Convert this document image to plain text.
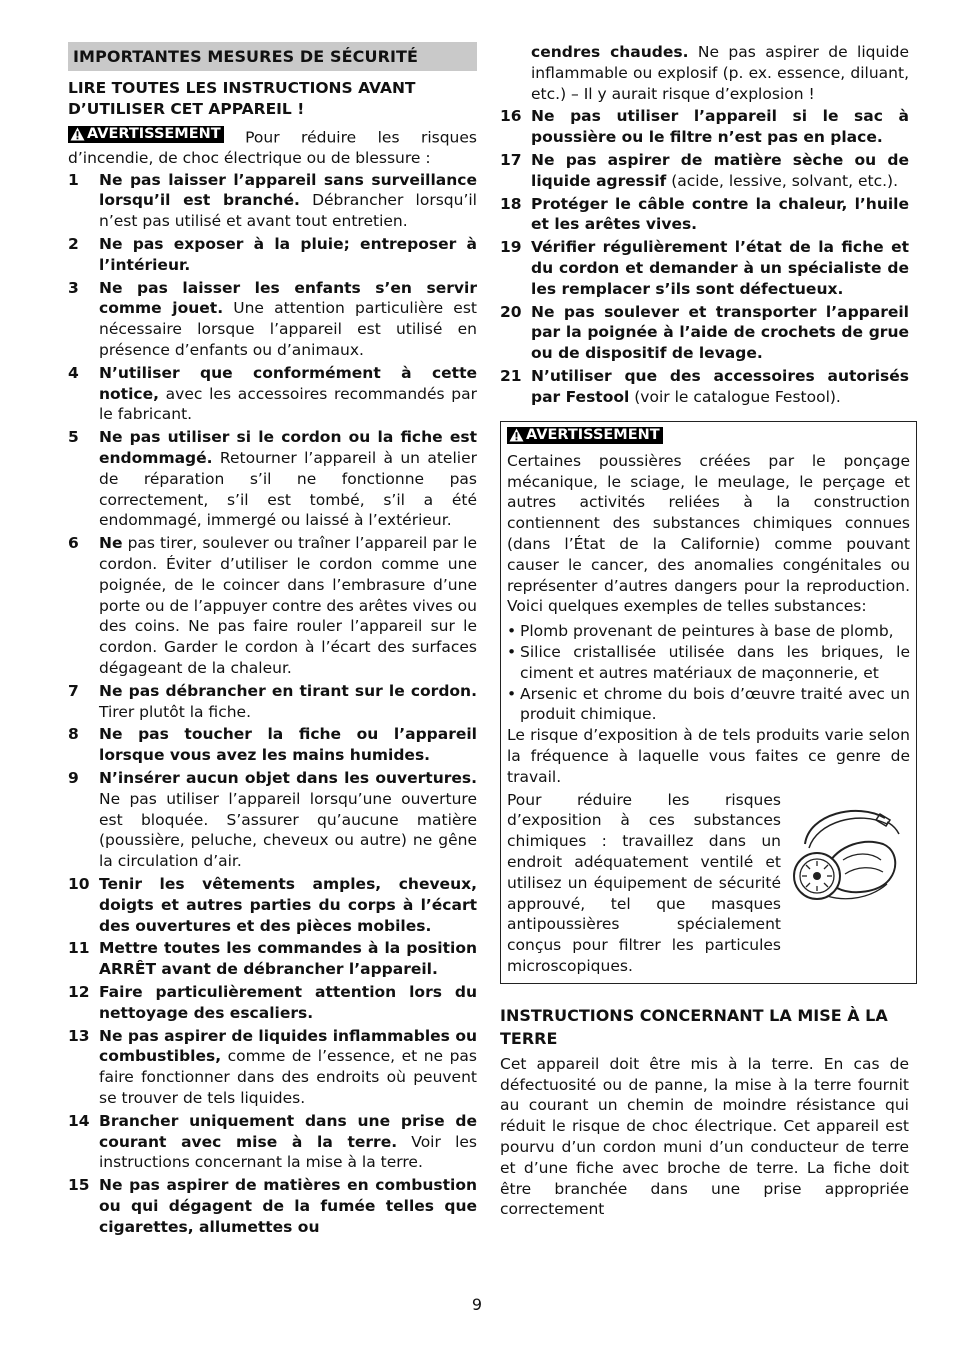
IMPORTANTES MESURES DE SÉCURITÉ
LIRE TOUTES LES INSTRUCTIONS AVANT D’UTILISER CET APPAREIL !
AVERTISSEMENT Pour réduire les risques d’incendie, de choc électrique ou de blessure :
1 Ne pas laisser l’appareil sans surveillance lorsqu’il est branché. Débrancher lorsqu’il n’est pas utilisé et avant tout entretien.
2 Ne pas exposer à la pluie; entreposer à l’intérieur.
3 Ne pas laisser les enfants s’en servir comme jouet. Une attention particulière est nécessaire lorsque l’appareil est utilisé en présence d’enfants ou d’animaux.
4 N’utiliser que conformément à cette notice, avec les accessoires recommandés par le fabricant.
5 Ne pas utiliser si le cordon ou la fiche est endommagé. Retourner l’appareil à un atelier de réparation s’il ne fonctionne pas correctement, s’il est tombé, s’il a été endommagé, immergé ou laissé à l’extérieur.
6 Ne pas tirer, soulever ou traîner l’appareil par le cordon. Éviter d’utiliser le cordon comme une poignée, de le coincer dans l’embrasure d’une porte ou de l’appuyer contre des arêtes vives ou des coins. Ne pas faire rouler l’appareil sur le cordon. Garder le cordon à l’écart des surfaces dégageant de la chaleur.
7 Ne pas débrancher en tirant sur le cordon. Tirer plutôt la fiche.
8 Ne pas toucher la fiche ou l’appareil lorsque vous avez les mains humides.
9 N’insérer aucun objet dans les ouvertures. Ne pas utiliser l’appareil lorsqu’une ouverture est bloquée. S’assurer qu’aucune matière (poussière, peluche, cheveux ou autre) ne gêne la circulation d’air.
10 Tenir les vêtements amples, cheveux, doigts et autres parties du corps à l’écart des ouvertures et des pièces mobiles.
11 Mettre toutes les commandes à la position ARRÊT avant de débrancher l’appareil.
12 Faire particulièrement attention lors du nettoyage des escaliers.
13 Ne pas aspirer de liquides inflammables ou combustibles, comme de l’essence, et ne pas faire fonctionner dans des endroits où peuvent se trouver de tels liquides.
14 Brancher uniquement dans une prise de courant avec mise à la terre. Voir les instructions concernant la mise à la terre.
15 Ne pas aspirer de matières en combustion ou qui dégagent de la fumée telles que cigarettes, allumettes ou
cendres chaudes. Ne pas aspirer de liquide inflammable ou explosif (p. ex. essence, diluant, etc.) – Il y aurait risque d’explosion !
16 Ne pas utiliser l’appareil si le sac à poussière ou le filtre n’est pas en place.
17 Ne pas aspirer de matière sèche ou de liquide agressif (acide, lessive, solvant, etc.).
18 Protéger le câble contre la chaleur, l’huile et les arêtes vives.
19 Vérifier régulièrement l’état de la fiche et du cordon et demander à un spécialiste de les remplacer s’ils sont défectueux.
20 Ne pas soulever et transporter l’appareil par la poignée à l’aide de crochets de grue ou de dispositif de levage.
21 N’utiliser que des accessoires autorisés par Festool (voir le catalogue Festool).
AVERTISSEMENT

Certaines poussières créées par le ponçage mécanique, le sciage, le meulage, le perçage et autres activités reliées à la construction contiennent des substances chimiques connues (dans l’État de la Californie) comme pouvant causer le cancer, des anomalies congénitales ou représenter d’autres dangers pour la reproduction. Voici quelques exemples de telles substances:

• Plomb provenant de peintures à base de plomb,
• Silice cristallisée utilisée dans les briques, le ciment et autres matériaux de maçonnerie, et
• Arsenic et chrome du bois d’œuvre traité avec un produit chimique.

Le risque d’exposition à de tels produits varie selon la fréquence à laquelle vous faites ce genre de travail.

Pour réduire les risques d’exposition à ces substances chimiques : travaillez dans un endroit adéquatement ventilé et utilisez un équipement de sécurité approuvé, tel que masques antipoussières spécialement conçus pour filtrer les particules microscopiques.

INSTRUCTIONS CONCERNANT LA MISE À LA TERRE

Cet appareil doit être mis à la terre. En cas de défectuosité ou de panne, la mise à la terre fournit au courant un chemin de moindre résistance qui réduit le risque de choc électrique. Cet appareil est pourvu d’un cordon muni d’un conducteur de terre et d’une fiche avec broche de terre. La fiche doit être branchée dans une prise appropriée correctement

9
